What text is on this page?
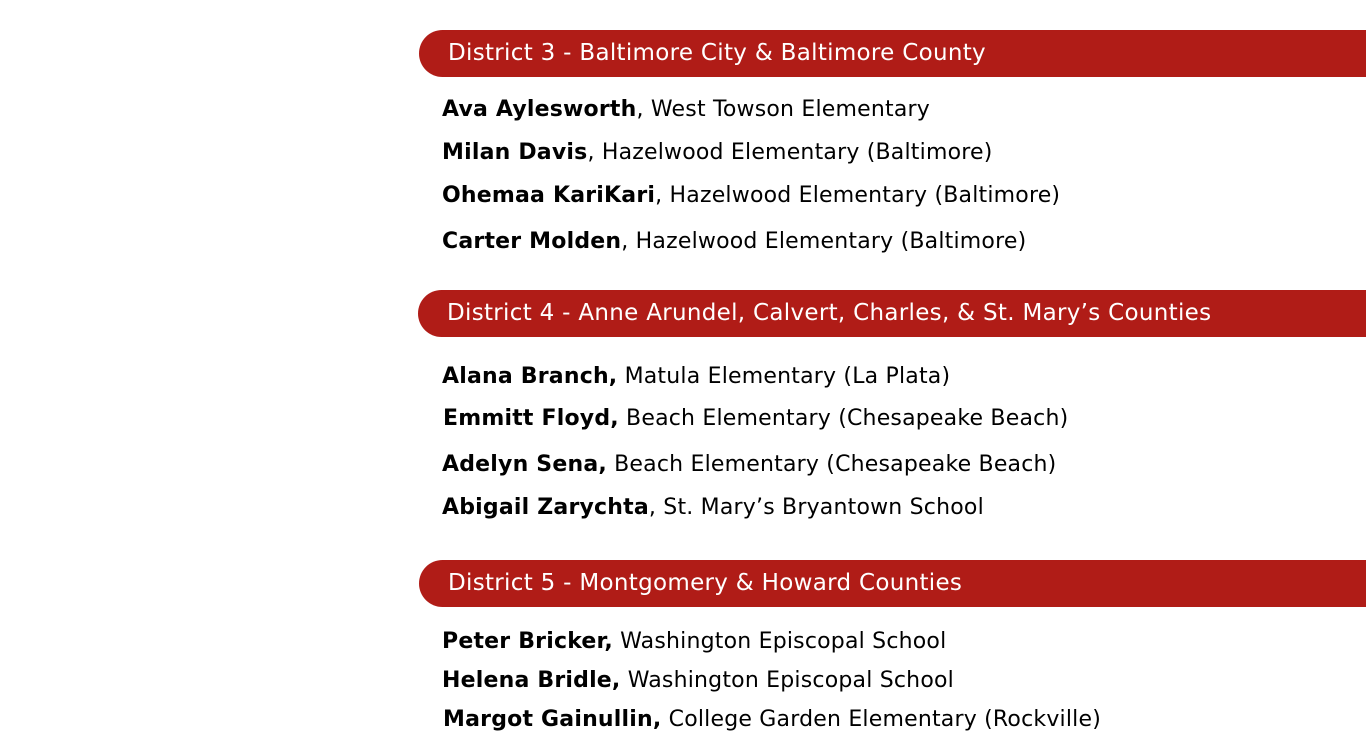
District 3 - Baltimore City & Baltimore County
Ava Aylesworth, West Towson Elementary
Milan Davis, Hazelwood Elementary (Baltimore)
Ohemaa KariKari, Hazelwood Elementary (Baltimore)
Carter Molden, Hazelwood Elementary (Baltimore)
District 4 - Anne Arundel, Calvert, Charles, & St. Mary’s Counties
Alana Branch, Matula Elementary (La Plata)
Emmitt Floyd, Beach Elementary (Chesapeake Beach)
Adelyn Sena, Beach Elementary (Chesapeake Beach)
Abigail Zarychta, St. Mary’s Bryantown School
District 5 - Montgomery & Howard Counties
Peter Bricker, Washington Episcopal School
Helena Bridle, Washington Episcopal School
Margot Gainullin, College Garden Elementary (Rockville)
